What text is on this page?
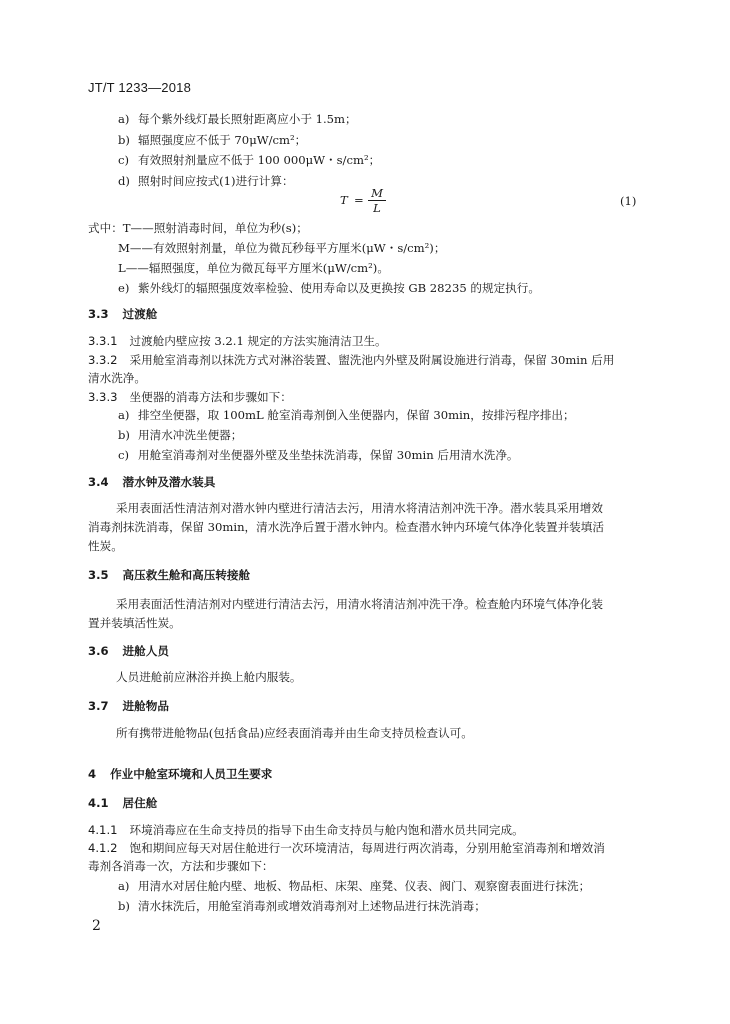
JT/T 1233—2018
a) 每个紫外线灯最长照射距离应小于 1.5m；
b) 辐照强度应不低于 70μW/cm²；
c) 有效照射剂量应不低于 100 000μW・s/cm²；
d) 照射时间应按式(1)进行计算：
T = M
L	(1)
式中：T——照射消毒时间，单位为秒(s)；
M——有效照射剂量，单位为微瓦秒每平方厘米(μW・s/cm²)；
L——辐照强度，单位为微瓦每平方厘米(μW/cm²)。
e) 紫外线灯的辐照强度效率检验、使用寿命以及更换按 GB 28235 的规定执行。
3.3 过渡舱
3.3.1 过渡舱内壁应按 3.2.1 规定的方法实施清洁卫生。
3.3.2 采用舱室消毒剂以抹洗方式对淋浴装置、盥洗池内外壁及附属设施进行消毒，保留 30min 后用
清水洗净。
3.3.3 坐便器的消毒方法和步骤如下：
a) 排空坐便器，取 100mL 舱室消毒剂倒入坐便器内，保留 30min，按排污程序排出；
b) 用清水冲洗坐便器；
c) 用舱室消毒剂对坐便器外壁及坐垫抹洗消毒，保留 30min 后用清水洗净。
3.4 潜水钟及潜水装具
采用表面活性清洁剂对潜水钟内壁进行清洁去污，用清水将清洁剂冲洗干净。潜水装具采用增效
消毒剂抹洗消毒，保留 30min，清水洗净后置于潜水钟内。检查潜水钟内环境气体净化装置并装填活
性炭。
3.5 高压救生舱和高压转接舱
采用表面活性清洁剂对内壁进行清洁去污，用清水将清洁剂冲洗干净。检查舱内环境气体净化装
置并装填活性炭。
3.6 进舱人员
人员进舱前应淋浴并换上舱内服装。
3.7 进舱物品
所有携带进舱物品(包括食品)应经表面消毒并由生命支持员检查认可。
4 作业中舱室环境和人员卫生要求
4.1 居住舱
4.1.1 环境消毒应在生命支持员的指导下由生命支持员与舱内饱和潜水员共同完成。
4.1.2 饱和期间应每天对居住舱进行一次环境清洁，每周进行两次消毒，分别用舱室消毒剂和增效消
毒剂各消毒一次，方法和步骤如下：
a) 用清水对居住舱内壁、地板、物品柜、床架、座凳、仪表、阀门、观察窗表面进行抹洗；
b) 清水抹洗后，用舱室消毒剂或增效消毒剂对上述物品进行抹洗消毒；
2
